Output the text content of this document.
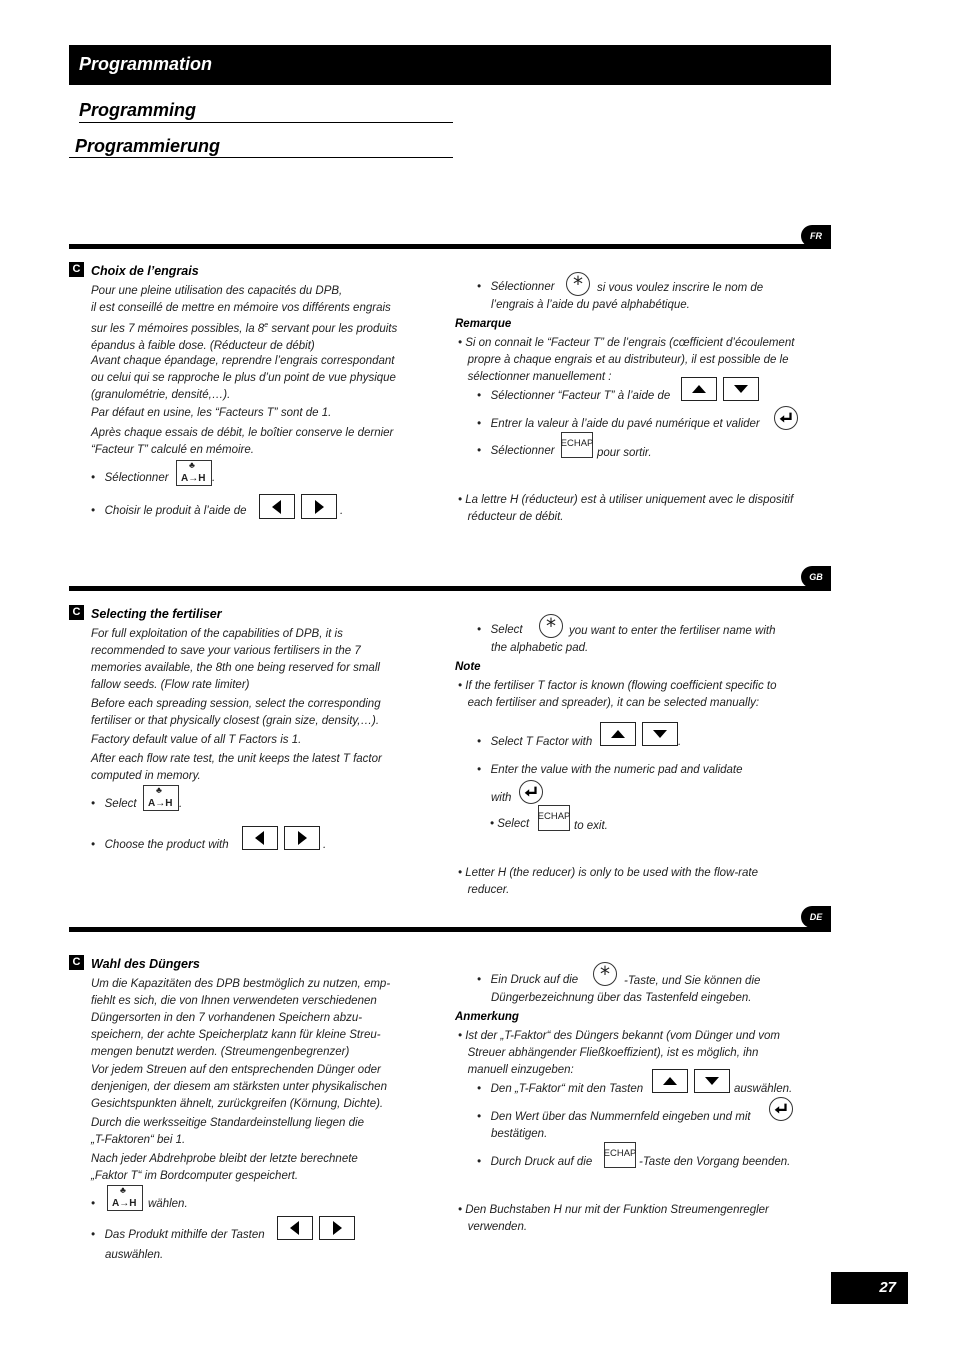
Programmation
Programming
Programmierung
FR
C Choix de l’engrais

Pour une pleine utilisation des capacités du DPB,
il est conseillé de mettre en mémoire vos différents engrais
sur les 7 mémoires possibles, la 8e servant pour les produits
épandus à faible dose. (Réducteur de débit)

Avant chaque épandage, reprendre l’engrais correspondant
ou celui qui se rapproche le plus d’un point de vue physique
(granulométrie, densité,…).

Par défaut en usine, les “Facteurs T” sont de 1.

Après chaque essais de débit, le boîtier conserve le dernier
“Facteur T” calculé en mémoire.

•   Sélectionner

♣
A→H .

•   Choisir le produit à l’aide de	.

•   Sélectionner *	si vous voulez inscrire le nom de

l’engrais à l’aide du pavé alphabétique.

Remarque

• Si on connait le “Facteur T” de l’engrais (cœfficient d’écoulement
propre à chaque engrais et au distributeur), il est possible de le
sélectionner manuellement :

•   Sélectionner “Facteur T” à l’aide de

•   Entrer la valeur à l’aide du pavé numérique et valider

•   Sélectionner

ECHAP

pour sortir.

• La lettre H (réducteur) est à utiliser uniquement avec le dispositif
réducteur de débit.

GB
C Selecting the fertiliser

For full exploitation of the capabilities of DPB, it is
recommended to save your various fertilisers in the 7
memories available, the 8th one being reserved for small
fallow seeds. (Flow rate limiter)

Before each spreading session, select the corresponding
fertiliser or that physically closest (grain size, density,…).

Factory default value of all T Factors is 1.

After each flow rate test, the unit keeps the latest T factor
computed in memory.

•   Select

♣
A→H .

•   Choose the product with	.

•   Select	*	you want to enter the fertiliser name with

the alphabetic pad.

Note

• If the fertiliser T factor is known (flowing coefficient specific to
each fertiliser and spreader), it can be selected manually:

•   Select T Factor with	.

•   Enter the value with the numeric pad and validate

with

• Select

ECHAP

to exit.

• Letter H (the reducer) is only to be used with the flow-rate
reducer.

DE
C Wahl des Düngers

Um die Kapazitäten des DPB bestmöglich zu nutzen, emp-
fiehlt es sich, die von Ihnen verwendeten verschiedenen
Düngersorten in den 7 vorhandenen Speichern abzu-
speichern, der achte Speicherplatz kann für kleine Streu-
mengen benutzt werden. (Streumengenbegrenzer)

Vor jedem Streuen auf den entsprechenden Dünger oder
denjenigen, der diesem am stärksten unter physikalischen
Gesichtspunkten ähnelt, zurückgreifen (Körnung, Dichte).

Durch die werksseitige Standardeinstellung liegen die
„T-Faktoren“ bei 1.

Nach jeder Abdrehprobe bleibt der letzte berechnete
„Faktor T“ im Bordcomputer gespeichert.

•

♣
A→H wählen.

•   Das Produkt mithilfe der Tasten

auswählen.

•   Ein Druck auf die	*	-Taste, und Sie können die

Düngerbezeichnung über das Tastenfeld eingeben.

Anmerkung

• Ist der „T-Faktor“ des Düngers bekannt (vom Dünger und vom
Streuer abhängender Fließkoeffizient), ist es möglich, ihn
manuell einzugeben:

•   Den „T-Faktor“ mit den Tasten	auswählen.

•   Den Wert über das Nummernfeld eingeben und mit

bestätigen.

•   Durch Druck auf die

ECHAP

-Taste den Vorgang beenden.

• Den Buchstaben H nur mit der Funktion Streumengenregler
verwenden.

27
